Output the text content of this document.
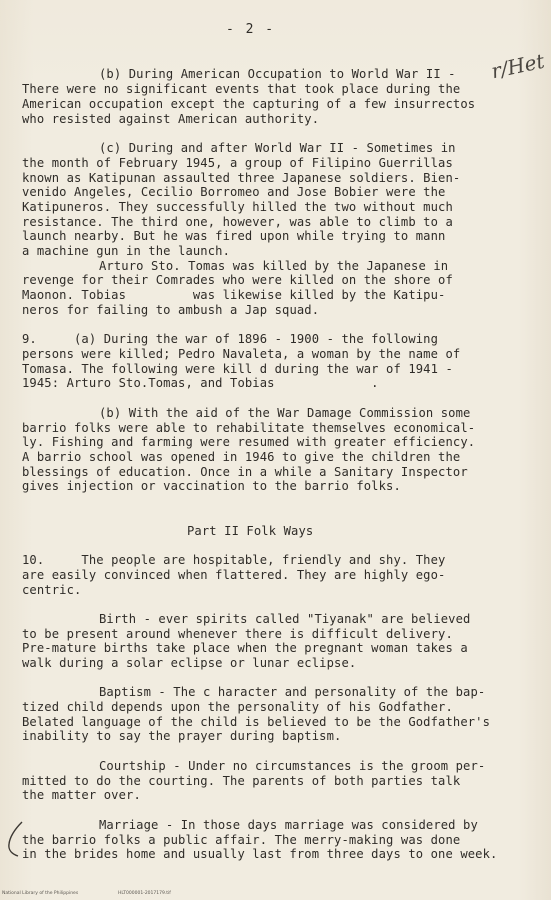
- 2 -
r/Het
(b) During American Occupation to World War II -
There were no significant events that took place during the
American occupation except the capturing of a few insurrectos
who resisted against American authority.
(c) During and after World War II - Sometimes in
the month of February 1945, a group of Filipino Guerrillas
known as Katipunan assaulted three Japanese soldiers. Bien-
venido Angeles, Cecilio Borromeo and Jose Bobier were the
Katipuneros. They successfully hilled the two without much
resistance. The third one, however, was able to climb to a
launch nearby. But he was fired upon while trying to mann
a machine gun in the launch.
Arturo Sto. Tomas was killed by the Japanese in
revenge for their Comrades who were killed on the shore of
Maonon. Tobias         was likewise killed by the Katipu-
neros for failing to ambush a Jap squad.
9.     (a) During the war of 1896 - 1900 - the following
persons were killed; Pedro Navaleta, a woman by the name of
Tomasa. The following were kill d during the war of 1941 -
1945: Arturo Sto.Tomas, and Tobias             .
(b) With the aid of the War Damage Commission some
barrio folks were able to rehabilitate themselves economical-
ly. Fishing and farming were resumed with greater efficiency.
A barrio school was opened in 1946 to give the children the
blessings of education. Once in a while a Sanitary Inspector
gives injection or vaccination to the barrio folks.
Part II Folk Ways
10.     The people are hospitable, friendly and shy. They
are easily convinced when flattered. They are highly ego-
centric.
Birth - ever spirits called "Tiyanak" are believed
to be present around whenever there is difficult delivery.
Pre-mature births take place when the pregnant woman takes a
walk during a solar eclipse or lunar eclipse.
Baptism - The c haracter and personality of the bap-
tized child depends upon the personality of his Godfather.
Belated language of the child is believed to be the Godfather's
inability to say the prayer during baptism.
Courtship - Under no circumstances is the groom per-
mitted to do the courting. The parents of both parties talk
the matter over.
Marriage - In those days marriage was considered by
the barrio folks a public affair. The merry-making was done
in the brides home and usually last from three days to one week.
National Library of the Philippines	HLT000001-2017179.tif
